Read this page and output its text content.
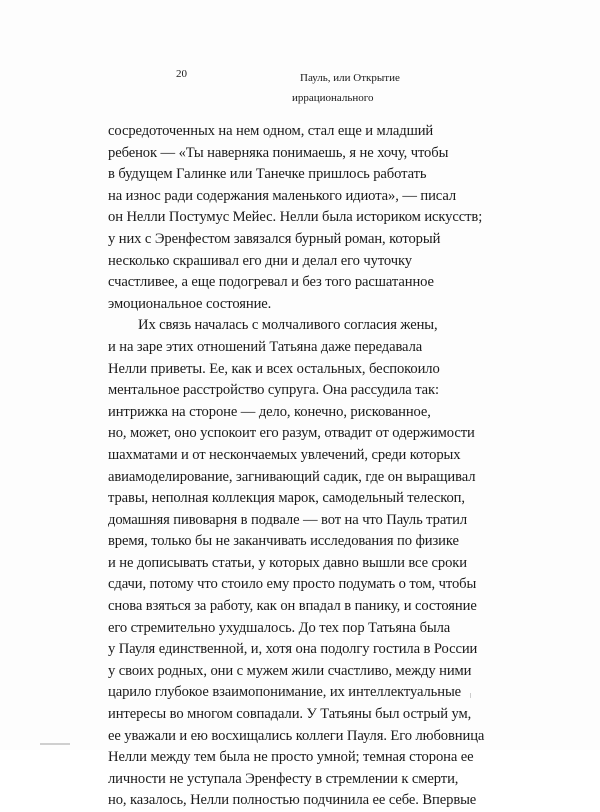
20	Пауль, или Открытие
иррационального
сосредоточенных на нем одном, стал еще и младший
ребенок — «Ты наверняка понимаешь, я не хочу, чтобы
в будущем Галинке или Танечке пришлось работать
на износ ради содержания маленького идиота», — писал
он Нелли Постумус Мейес. Нелли была историком искусств;
у них с Эренфестом завязался бурный роман, который
несколько скрашивал его дни и делал его чуточку
счастливее, а еще подогревал и без того расшатанное
эмоциональное состояние.
Их связь началась с молчаливого согласия жены,
и на заре этих отношений Татьяна даже передавала
Нелли приветы. Ее, как и всех остальных, беспокоило
ментальное расстройство супруга. Она рассудила так:
интрижка на стороне — дело, конечно, рискованное,
но, может, оно успокоит его разум, отвадит от одержимости
шахматами и от нескончаемых увлечений, среди которых
авиамоделирование, загнивающий садик, где он выращивал
травы, неполная коллекция марок, самодельный телескоп,
домашняя пивоварня в подвале — вот на что Пауль тратил
время, только бы не заканчивать исследования по физике
и не дописывать статьи, у которых давно вышли все сроки
сдачи, потому что стоило ему просто подумать о том, чтобы
снова взяться за работу, как он впадал в панику, и состояние
его стремительно ухудшалось. До тех пор Татьяна была
у Пауля единственной, и, хотя она подолгу гостила в России
у своих родных, они с мужем жили счастливо, между ними
царило глубокое взаимопонимание, их интеллектуальные
интересы во многом совпадали. У Татьяны был острый ум,
ее уважали и ею восхищались коллеги Пауля. Его любовница
Нелли между тем была не просто умной; темная сторона ее
личности не уступала Эренфесту в стремлении к смерти,
но, казалось, Нелли полностью подчинила ее себе. Впервые
